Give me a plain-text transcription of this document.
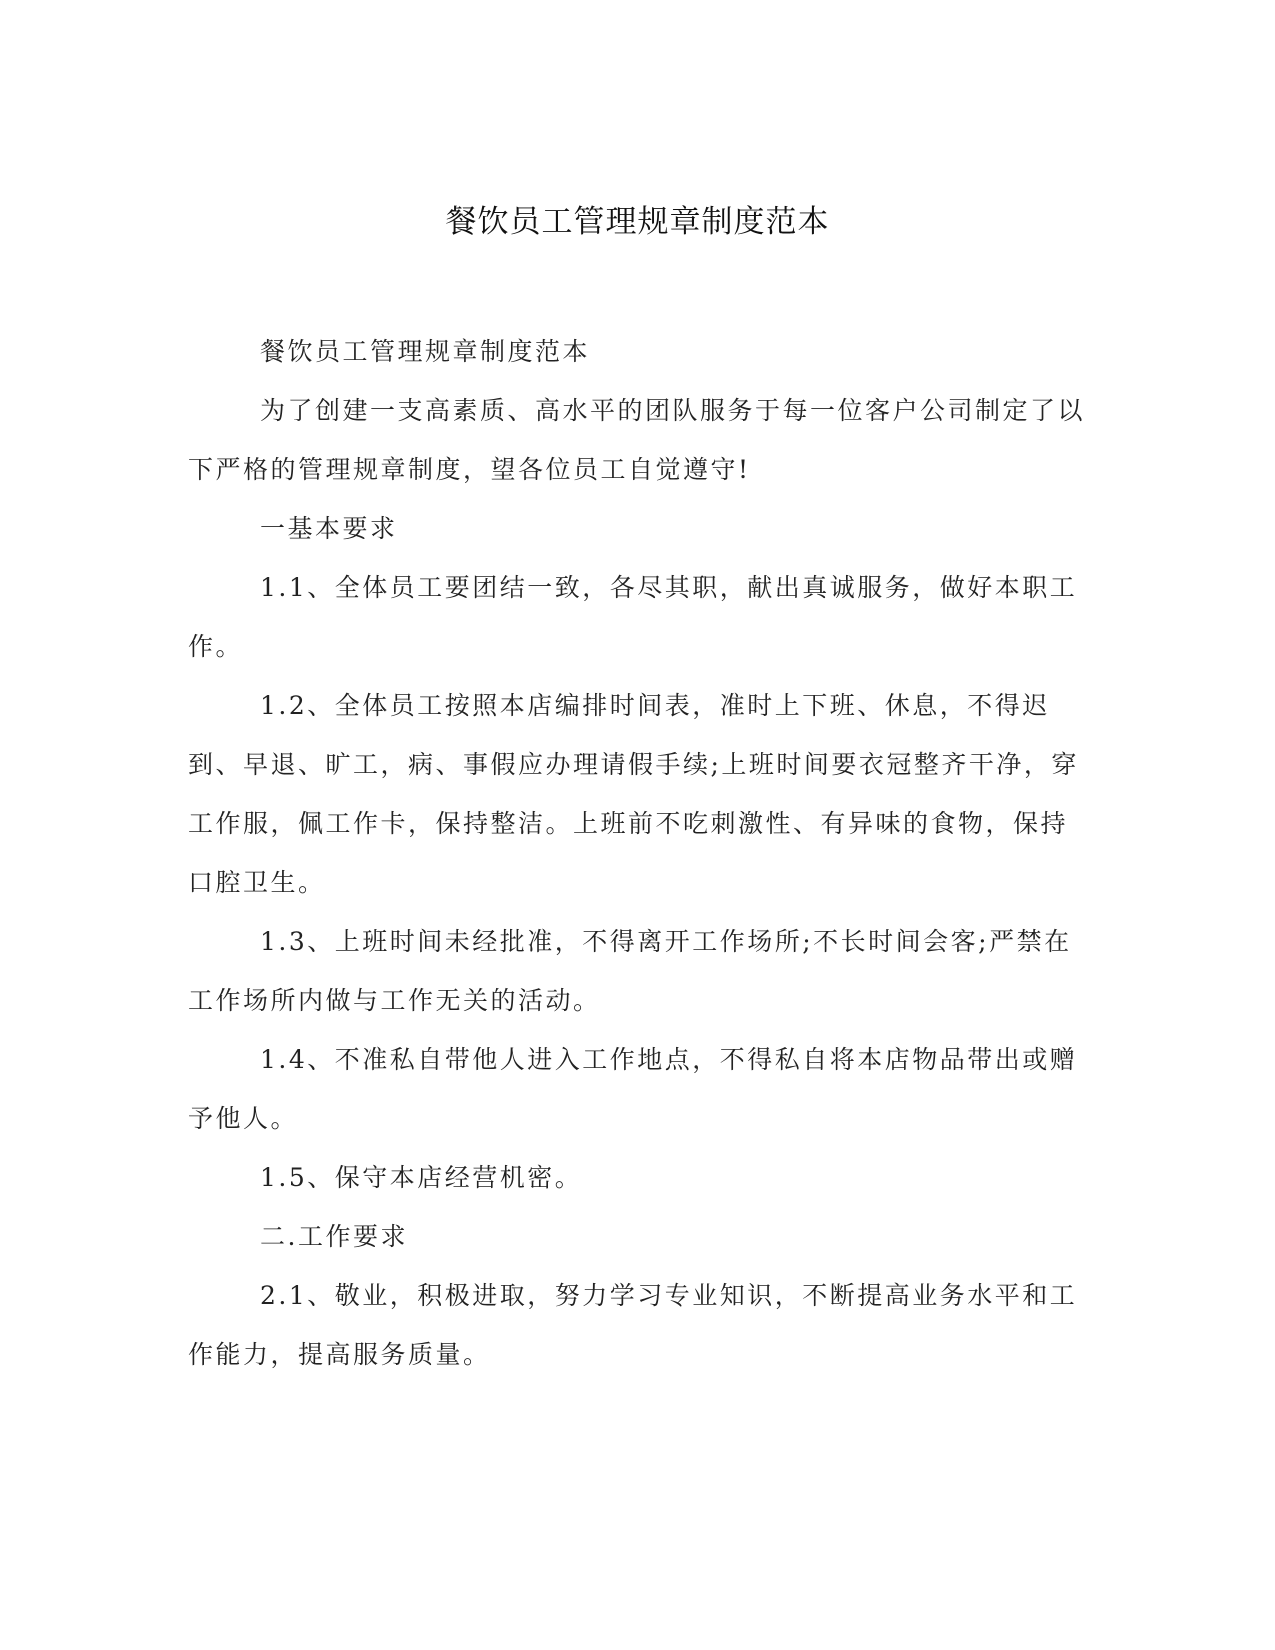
餐饮员工管理规章制度范本

餐饮员工管理规章制度范本

为了创建一支高素质、高水平的团队服务于每一位客户公司制定了以下严格的管理规章制度，望各位员工自觉遵守!

一基本要求

1.1、全体员工要团结一致，各尽其职，献出真诚服务，做好本职工作。

1.2、全体员工按照本店编排时间表，准时上下班、休息，不得迟到、早退、旷工，病、事假应办理请假手续;上班时间要衣冠整齐干净，穿工作服，佩工作卡，保持整洁。上班前不吃刺激性、有异味的食物，保持口腔卫生。

1.3、上班时间未经批准，不得离开工作场所;不长时间会客;严禁在工作场所内做与工作无关的活动。

1.4、不准私自带他人进入工作地点，不得私自将本店物品带出或赠予他人。

1.5、保守本店经营机密。

二.工作要求

2.1、敬业，积极进取，努力学习专业知识，不断提高业务水平和工作能力，提高服务质量。
